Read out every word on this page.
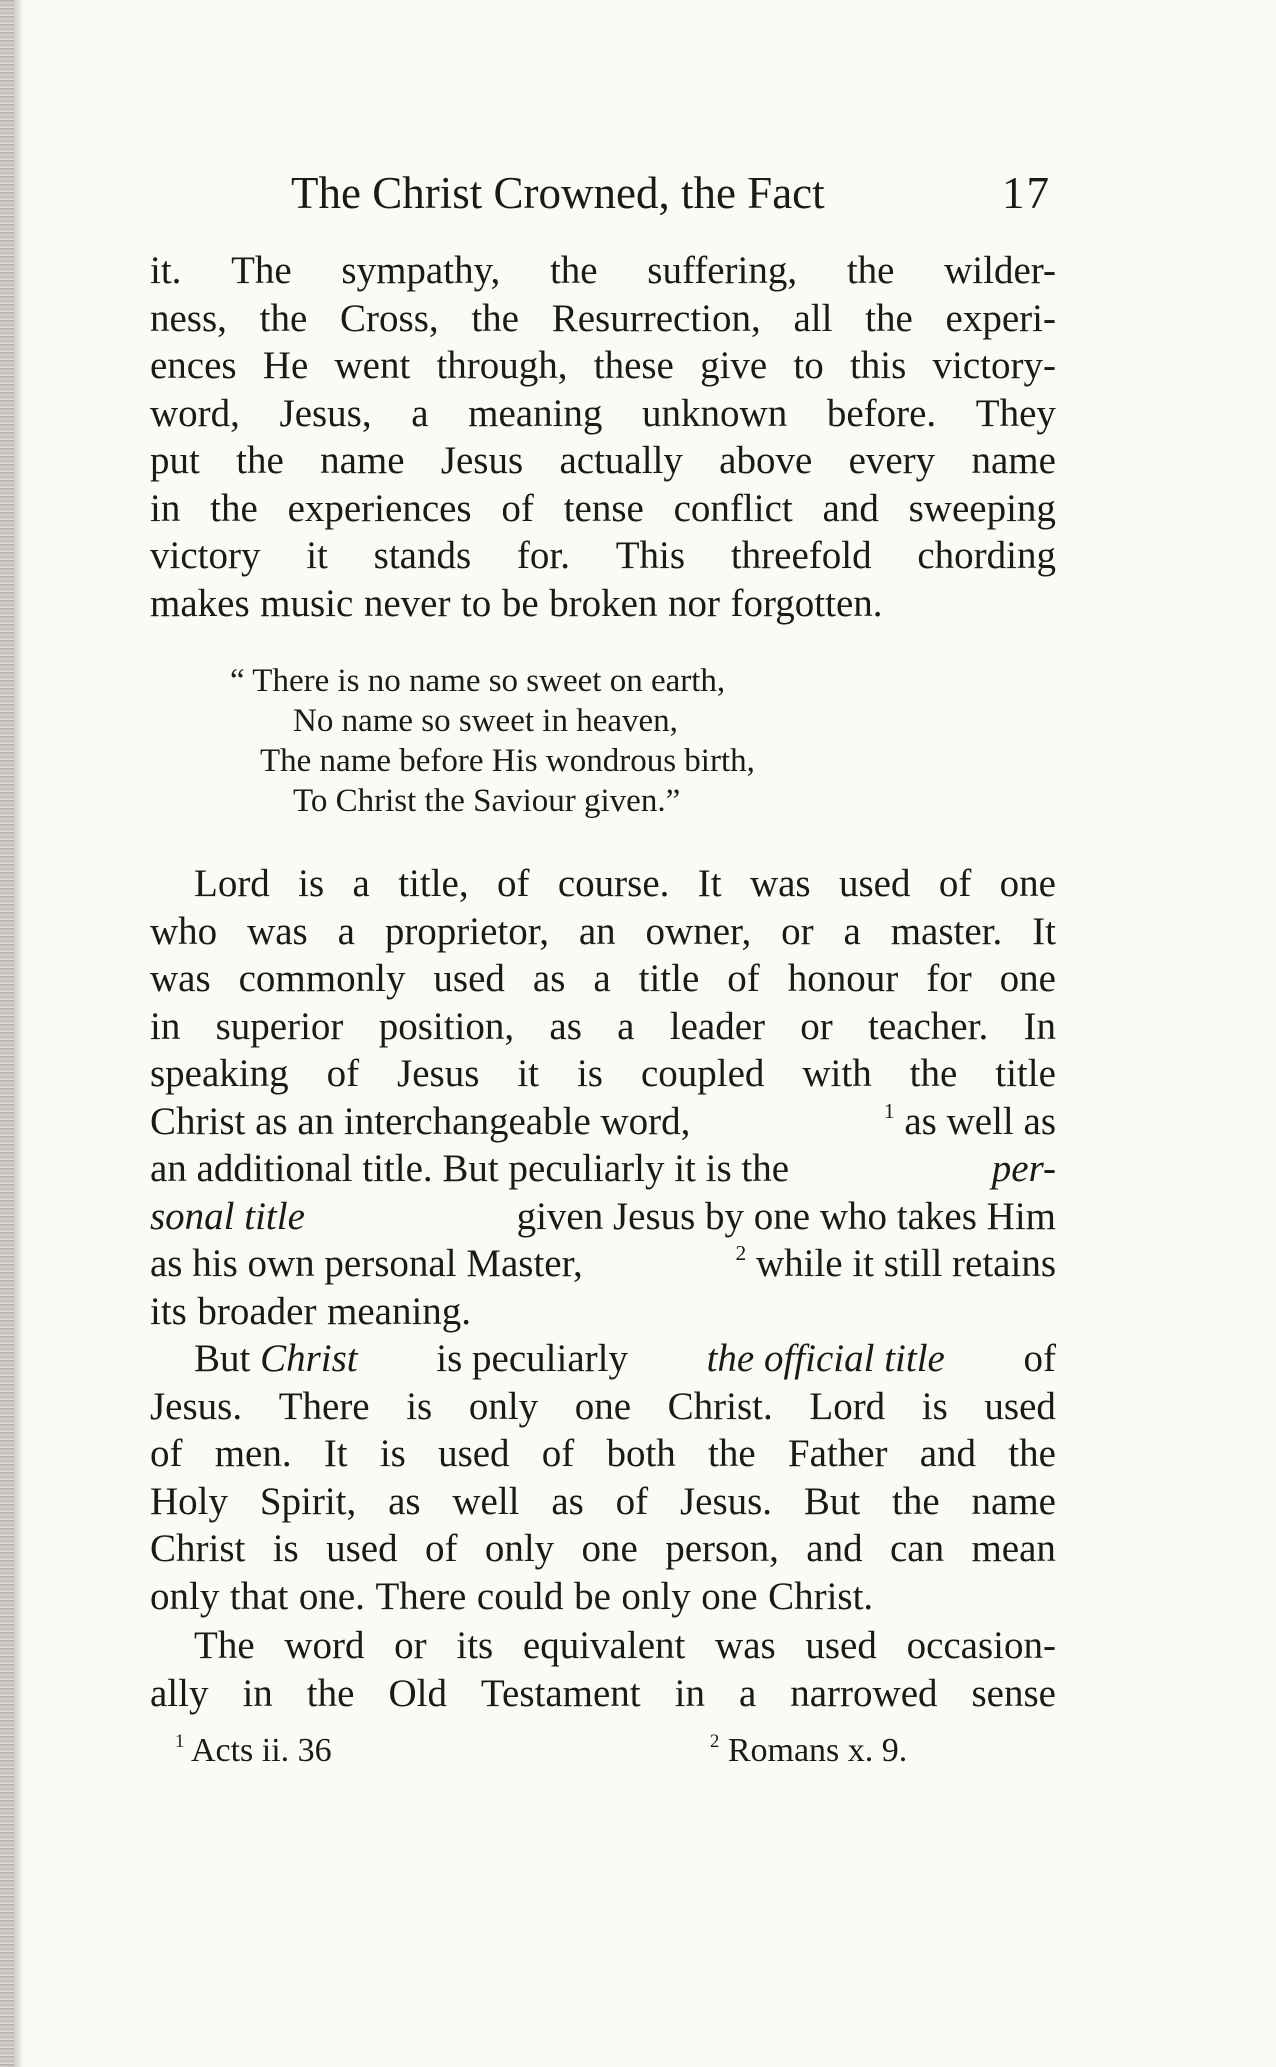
The Christ Crowned, the Fact	17
it. The sympathy, the suffering, the wilder-
ness, the Cross, the Resurrection, all the experi-
ences He went through, these give to this victory-
word, Jesus, a meaning unknown before. They
put the name Jesus actually above every name
in the experiences of tense conflict and sweeping
victory it stands for. This threefold chording
makes music never to be broken nor forgotten.
“ There is no name so sweet on earth,
No name so sweet in heaven,
The name before His wondrous birth,
To Christ the Saviour given.”
Lord is a title, of course. It was used of one
who was a proprietor, an owner, or a master. It
was commonly used as a title of honour for one
in superior position, as a leader or teacher. In
speaking of Jesus it is coupled with the title
Christ as an interchangeable word,	$^1$ as well as
an additional title. But peculiarly it is the	per-
sonal title	given Jesus by one who takes Him
as his own personal Master,	$^2$ while it still retains
its broader meaning.
But Christ is peculiarly the official title of
Jesus. There is only one Christ. Lord is used
of men. It is used of both the Father and the
Holy Spirit, as well as of Jesus. But the name
Christ is used of only one person, and can mean
only that one. There could be only one Christ.
The word or its equivalent was used occasion-
ally in the Old Testament in a narrowed sense
$^1$ Acts ii. 36	$^2$ Romans x. 9.
